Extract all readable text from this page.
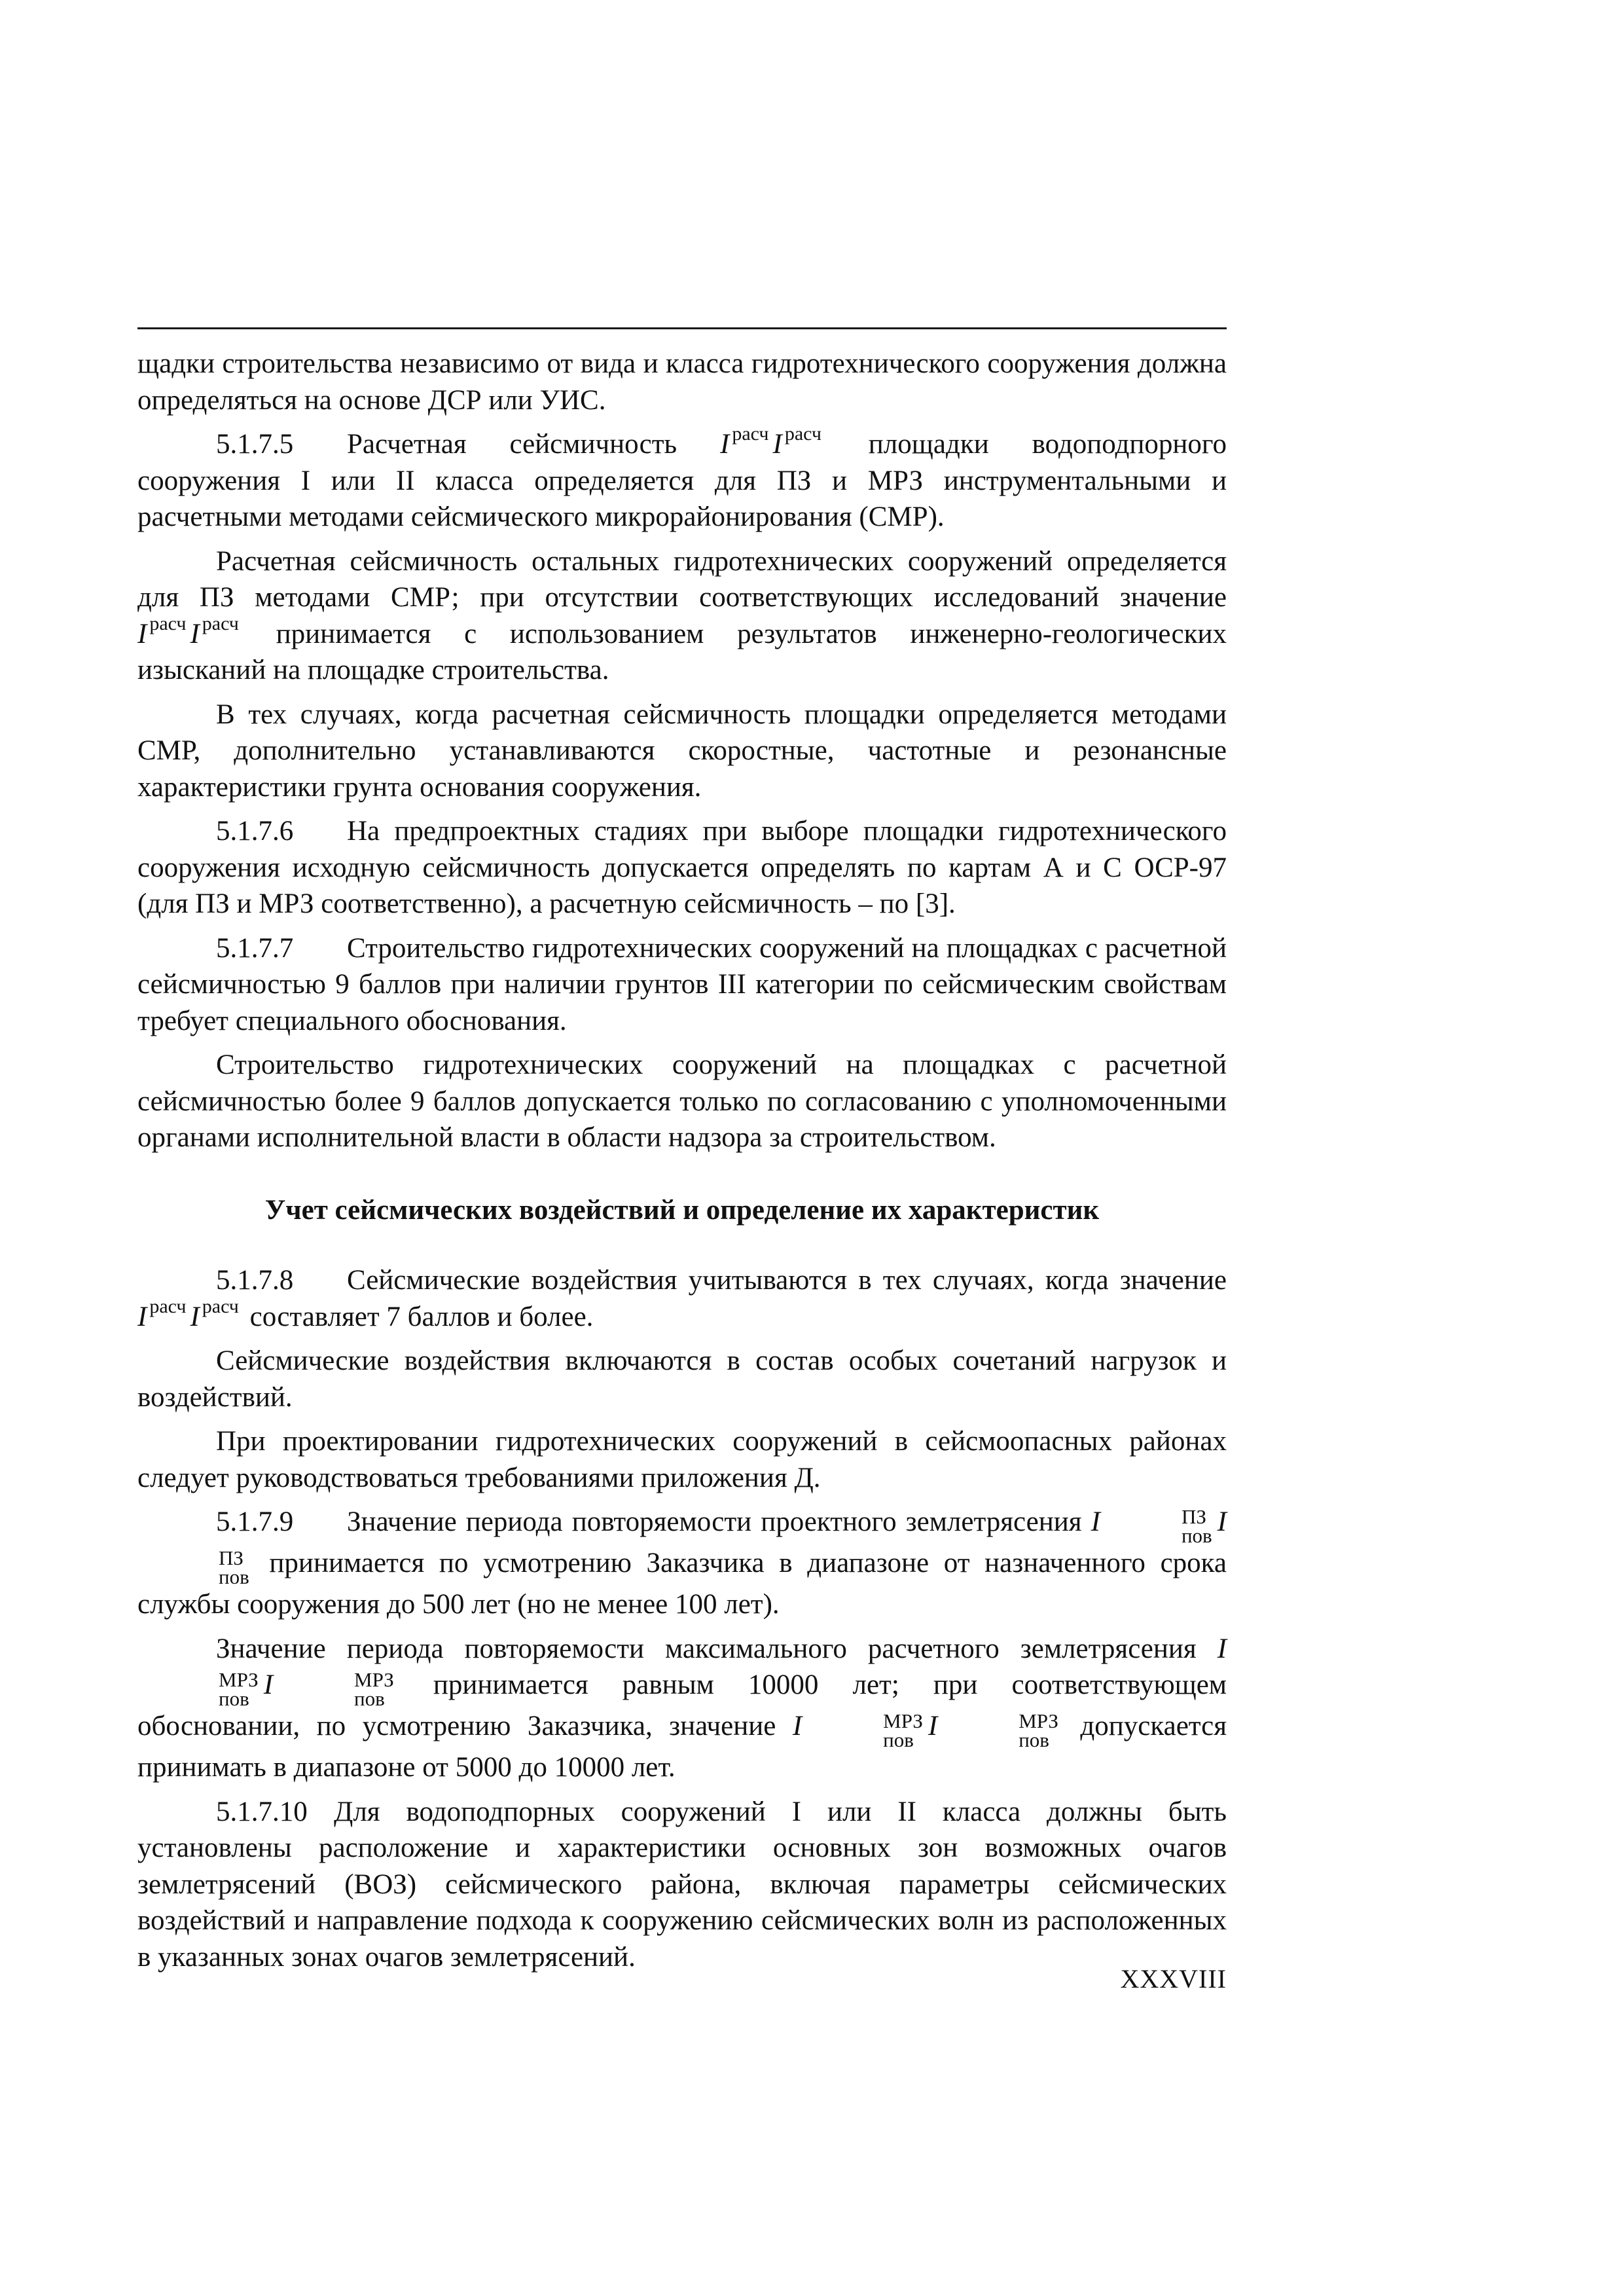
щадки строительства независимо от вида и класса гидротехнического сооружения должна определяться на основе ДСР или УИС.

5.1.7.5 Расчетная сейсмичность I $^{расч}$ I $^{расч}$ площадки водоподпорного сооружения I или II класса определяется для ПЗ и МРЗ инструментальными и расчетными методами сейсмического микрорайонирования (СМР).

Расчетная сейсмичность остальных гидротехнических сооружений определяется для ПЗ методами СМР; при отсутствии соответствующих исследований значение I $^{расч}$ I $^{расч}$ принимается с использованием результатов инженерно-геологических изысканий на площадке строительства.

В тех случаях, когда расчетная сейсмичность площадки определяется методами СМР, дополнительно устанавливаются скоростные, частотные и резонансные характеристики грунта основания сооружения.

5.1.7.6 На предпроектных стадиях при выборе площадки гидротехнического сооружения исходную сейсмичность допускается определять по картам А и С ОСР-97 (для ПЗ и МРЗ соответственно), а расчетную сейсмичность – по [3].

5.1.7.7 Строительство гидротехнических сооружений на площадках с расчетной сейсмичностью 9 баллов при наличии грунтов III категории по сейсмическим свойствам требует специального обоснования.

Строительство гидротехнических сооружений на площадках с расчетной сейсмичностью более 9 баллов допускается только по согласованию с уполномоченными органами исполнительной власти в области надзора за строительством.

Учет сейсмических воздействий и определение их характеристик

5.1.7.8 Сейсмические воздействия учитываются в тех случаях, когда значение I $^{расч}$ I $^{расч}$ составляет 7 баллов и более.

Сейсмические воздействия включаются в состав особых сочетаний нагрузок и воздействий.

При проектировании гидротехнических сооружений в сейсмоопасных районах следует руководствоваться требованиями приложения Д.

5.1.7.9 Значение периода повторяемости проектного землетрясения I	ПЗ
пов I
ПЗ
пов принимается по усмотрению Заказчика в диапазоне от назначенного срока службы сооружения до 500 лет (но не менее 100 лет).

Значение периода повторяемости максимального расчетного землетрясения I
МРЗ
пов I	МРЗ
пов	принимается равным 10000 лет; при соответствующем обосновании, по усмотрению Заказчика, значение I	МРЗ
пов I	МРЗ
пов	допускается принимать в диапазоне от 5000 до 10000 лет.

5.1.7.10 Для водоподпорных сооружений I или II класса должны быть установлены расположение и характеристики основных зон возможных очагов землетрясений (ВОЗ) сейсмического района, включая параметры сейсмических воздействий и направление подхода к сооружению сейсмических волн из расположенных в указанных зонах очагов землетрясений.

XXXVIII
